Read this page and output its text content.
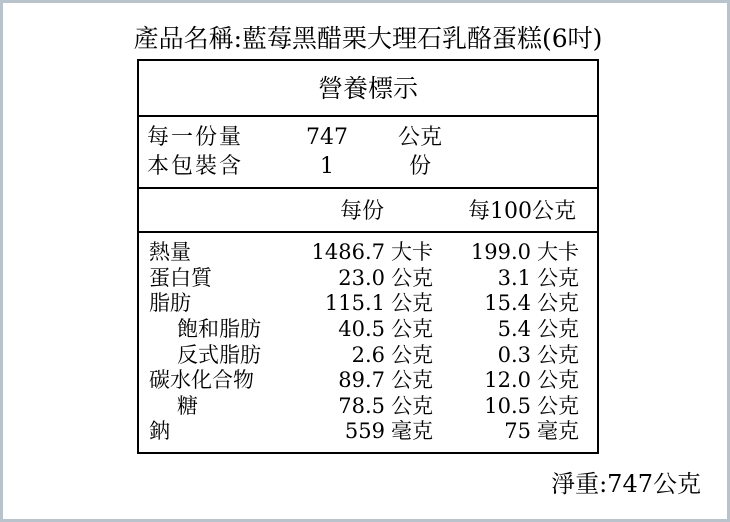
產品名稱:藍莓黑醋栗大理石乳酪蛋糕(6吋)
營養標示
每一份量	747	公克
本包裝含	1	份
每份	每100公克
熱量	1486.7 大卡	199.0 大卡
蛋白質	23.0 公克	3.1 公克
脂肪	115.1 公克	15.4 公克
飽和脂肪	40.5 公克	5.4 公克
反式脂肪	2.6 公克	0.3 公克
碳水化合物	89.7 公克	12.0 公克
糖	78.5 公克	10.5 公克
鈉	559 毫克	75 毫克
淨重:747公克
